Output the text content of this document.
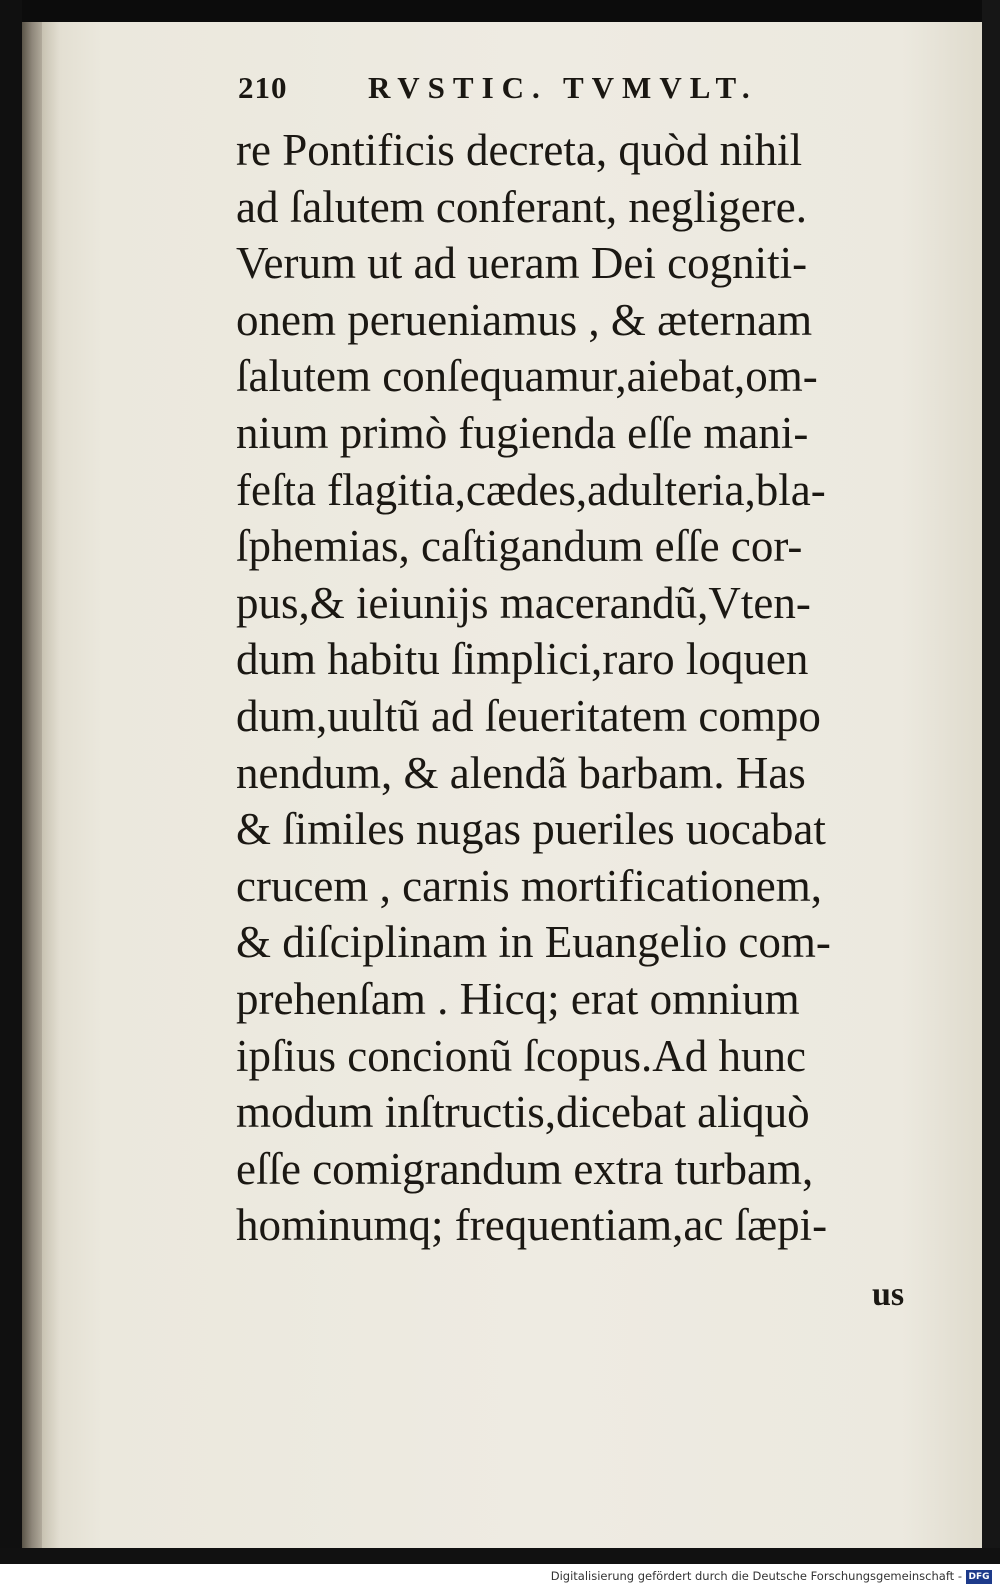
210

	RVSTIC. TVMVLT.

re Pontificis decreta, quòd nihil
ad ſalutem conferant, negligere.
Verum ut ad ueram Dei cogniti-
onem perueniamus , & æternam
ſalutem conſequamur,aiebat,om-
nium primò fugienda eſſe mani-
feſta flagitia,cædes,adulteria,bla-
ſphemias, caſtigandum eſſe cor-
pus,& ieiunijs macerandũ,Vten-
dum habitu ſimplici,raro loquen
dum,uultũ ad ſeueritatem compo
nendum, & alendã barbam. Has
& ſimiles nugas pueriles uocabat
crucem , carnis mortificationem,
& diſciplinam in Euangelio com-
prehenſam . Hicq; erat omnium
ipſius concionũ ſcopus.Ad hunc
modum inſtructis,dicebat aliquò
eſſe comigrandum extra turbam,
hominumq; frequentiam,ac ſæpi-
us
Digitalisierung gefördert durch die Deutsche Forschungsgemeinschaft - DFG
